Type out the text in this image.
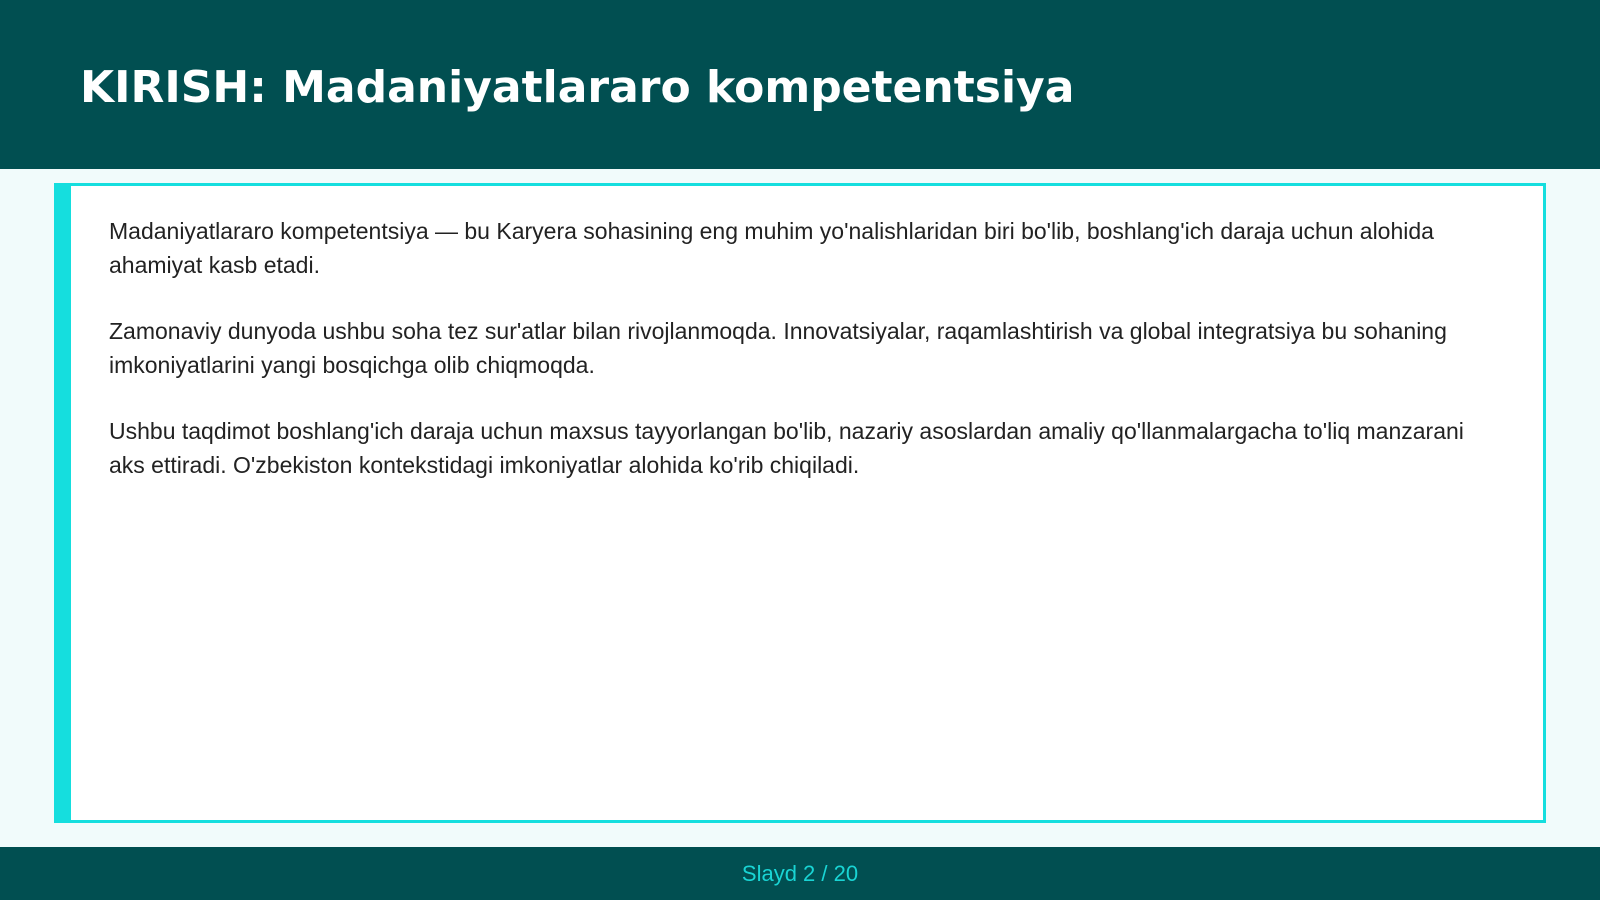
KIRISH: Madaniyatlararo kompetentsiya

Madaniyatlararo kompetentsiya — bu Karyera sohasining eng muhim yo'nalishlaridan biri bo'lib, boshlang'ich daraja uchun alohida ahamiyat kasb etadi.

Zamonaviy dunyoda ushbu soha tez sur'atlar bilan rivojlanmoqda. Innovatsiyalar, raqamlashtirish va global integratsiya bu sohaning imkoniyatlarini yangi bosqichga olib chiqmoqda.

Ushbu taqdimot boshlang'ich daraja uchun maxsus tayyorlangan bo'lib, nazariy asoslardan amaliy qo'llanmalargacha to'liq manzarani aks ettiradi. O'zbekiston kontekstidagi imkoniyatlar alohida ko'rib chiqiladi.

Slayd 2 / 20
